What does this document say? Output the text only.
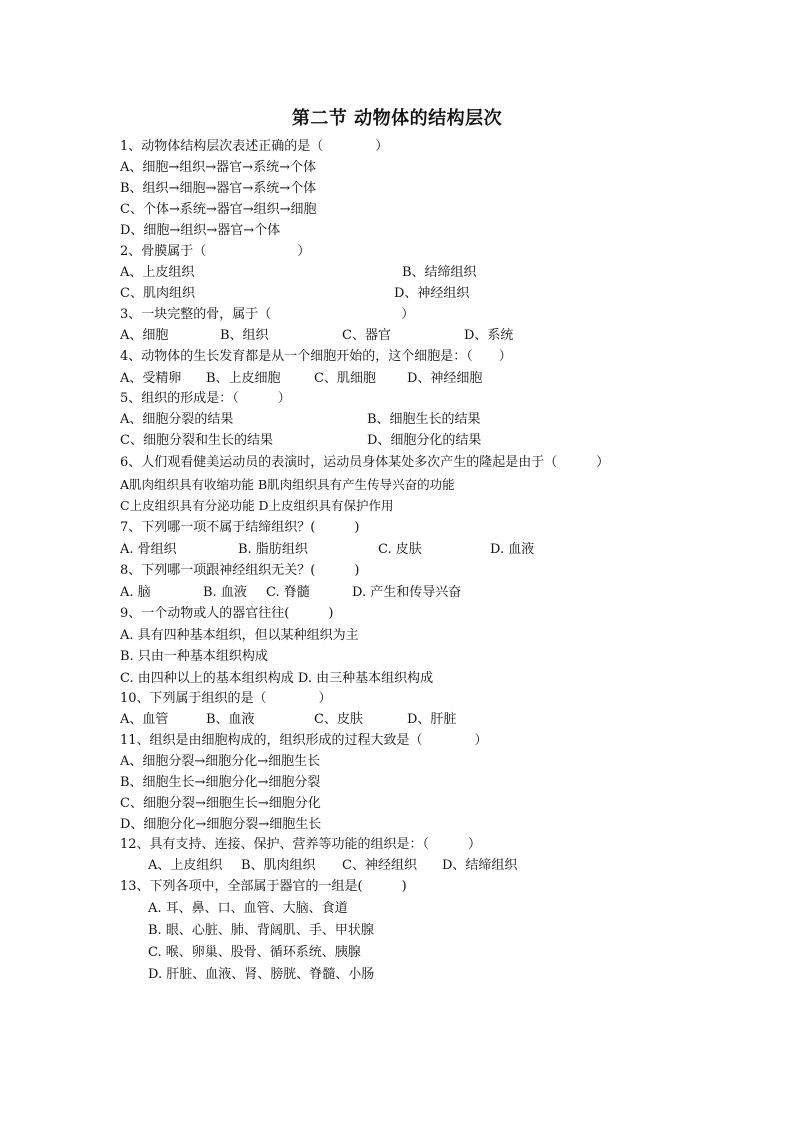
第二节 动物体的结构层次
1、动物体结构层次表述正确的是（　　　　）
A、细胞→组织→器官→系统→个体
B、组织→细胞→器官→系统→个体
C、个体→系统→器官→组织→细胞
D、细胞→组织→器官→个体
2、骨膜属于（　　　　　　　）
A、上皮组织	B、结缔组织
C、肌肉组织	D、神经组织
3、一块完整的骨，属于（　　　　　　　　　　）
A、细胞	B、组织	C、器官	D、系统
4、动物体的生长发育都是从一个细胞开始的，这个细胞是：（　　）
A、受精卵 B、上皮细胞	C、肌细胞 D、神经细胞
5、组织的形成是：（　　　）
A、细胞分裂的结果	B、细胞生长的结果
C、细胞分裂和生长的结果	D、细胞分化的结果
6、人们观看健美运动员的表演时，运动员身体某处多次产生的隆起是由于（　　　）
A肌肉组织具有收缩功能 B肌肉组织具有产生传导兴奋的功能
C上皮组织具有分泌功能 D上皮组织具有保护作用
7、下列哪一项不属于结缔组织？(　　　)
A. 骨组织	B. 脂肪组织	C. 皮肤	D. 血液
8、下列哪一项跟神经组织无关？(　　　)
A. 脑	B. 血液 C. 脊髓	D. 产生和传导兴奋
9、一个动物或人的器官往往(　　　)
A. 具有四种基本组织，但以某种组织为主
B. 只由一种基本组织构成
C. 由四种以上的基本组织构成 D. 由三种基本组织构成
10、下列属于组织的是（　　　　）
A、血管	B、血液	C、皮肤	D、肝脏
11、组织是由细胞构成的，组织形成的过程大致是（　　　　）
A、细胞分裂→细胞分化→细胞生长
B、细胞生长→细胞分化→细胞分裂
C、细胞分裂→细胞生长→细胞分化
D、细胞分化→细胞分裂→细胞生长
12、具有支持、连接、保护、营养等功能的组织是：（　　　）
A、上皮组织 B、肌肉组织 C、神经组织 D、结缔组织
13、下列各项中，全部属于器官的一组是(　　　)
A. 耳、鼻、口、血管、大脑、食道
B. 眼、心脏、肺、背阔肌、手、甲状腺
C. 喉、卵巢、股骨、循环系统、胰腺
D. 肝脏、血液、肾、膀胱、脊髓、小肠
